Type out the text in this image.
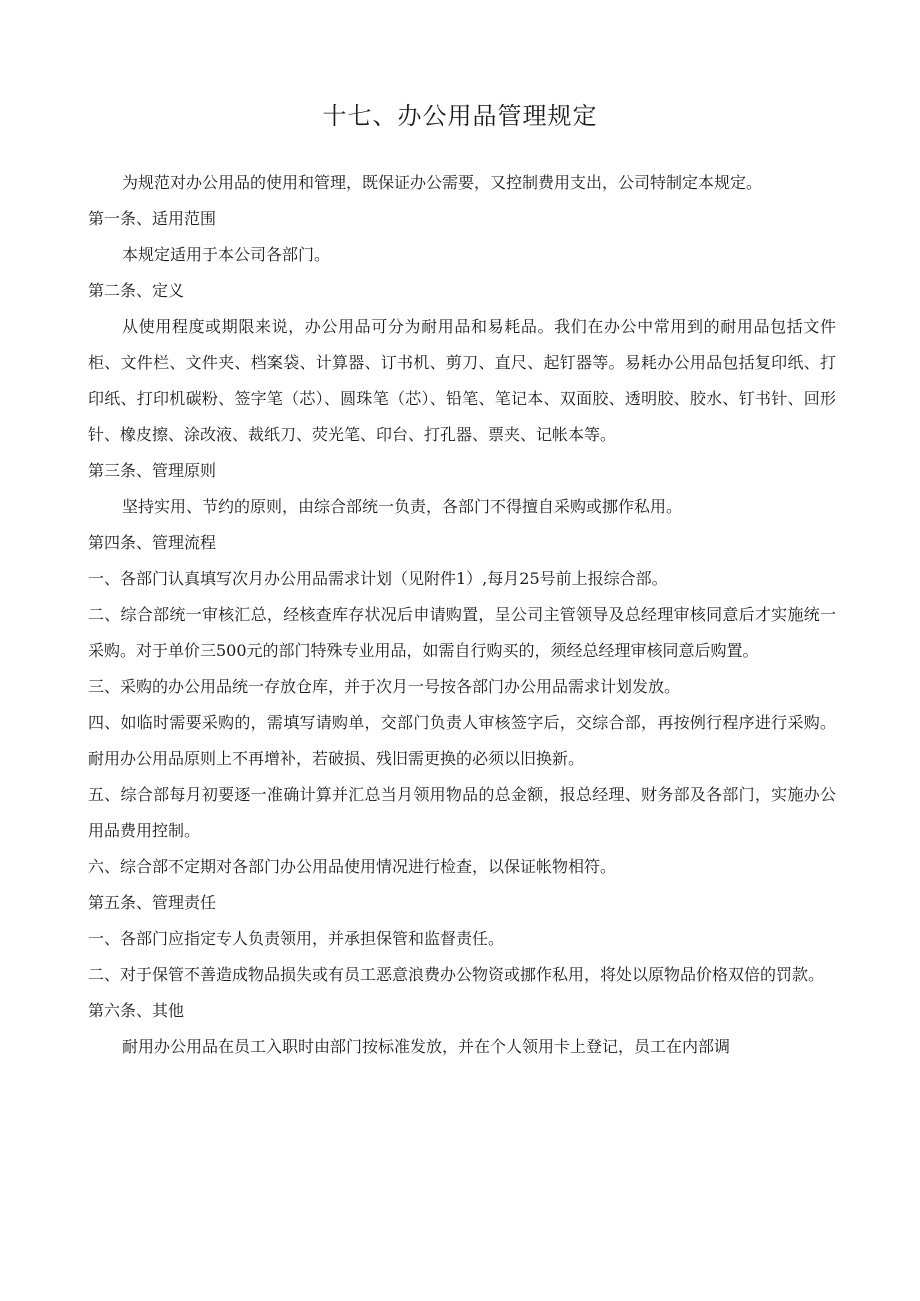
十七、办公用品管理规定

为规范对办公用品的使用和管理，既保证办公需要，又控制费用支出，公司特制定本规定。

第一条、适用范围

本规定适用于本公司各部门。

第二条、定义

从使用程度或期限来说，办公用品可分为耐用品和易耗品。我们在办公中常用到的耐用品包括文件柜、文件栏、文件夹、档案袋、计算器、订书机、剪刀、直尺、起钉器等。易耗办公用品包括复印纸、打印纸、打印机碳粉、签字笔（芯）、圆珠笔（芯）、铅笔、笔记本、双面胶、透明胶、胶水、钉书针、回形针、橡皮擦、涂改液、裁纸刀、荧光笔、印台、打孔器、票夹、记帐本等。

第三条、管理原则

坚持实用、节约的原则，由综合部统一负责，各部门不得擅自采购或挪作私用。

第四条、管理流程

一、各部门认真填写次月办公用品需求计划（见附件1）,每月25号前上报综合部。

二、综合部统一审核汇总，经核查库存状况后申请购置，呈公司主管领导及总经理审核同意后才实施统一采购。对于单价三500元的部门特殊专业用品，如需自行购买的，须经总经理审核同意后购置。

三、采购的办公用品统一存放仓库，并于次月一号按各部门办公用品需求计划发放。

四、如临时需要采购的，需填写请购单，交部门负责人审核签字后，交综合部，再按例行程序进行采购。耐用办公用品原则上不再增补，若破损、残旧需更换的必须以旧换新。

五、综合部每月初要逐一准确计算并汇总当月领用物品的总金额，报总经理、财务部及各部门，实施办公用品费用控制。

六、综合部不定期对各部门办公用品使用情况进行检查，以保证帐物相符。

第五条、管理责任

一、各部门应指定专人负责领用，并承担保管和监督责任。

二、对于保管不善造成物品损失或有员工恶意浪费办公物资或挪作私用，将处以原物品价格双倍的罚款。

第六条、其他

耐用办公用品在员工入职时由部门按标准发放，并在个人领用卡上登记，员工在内部调
